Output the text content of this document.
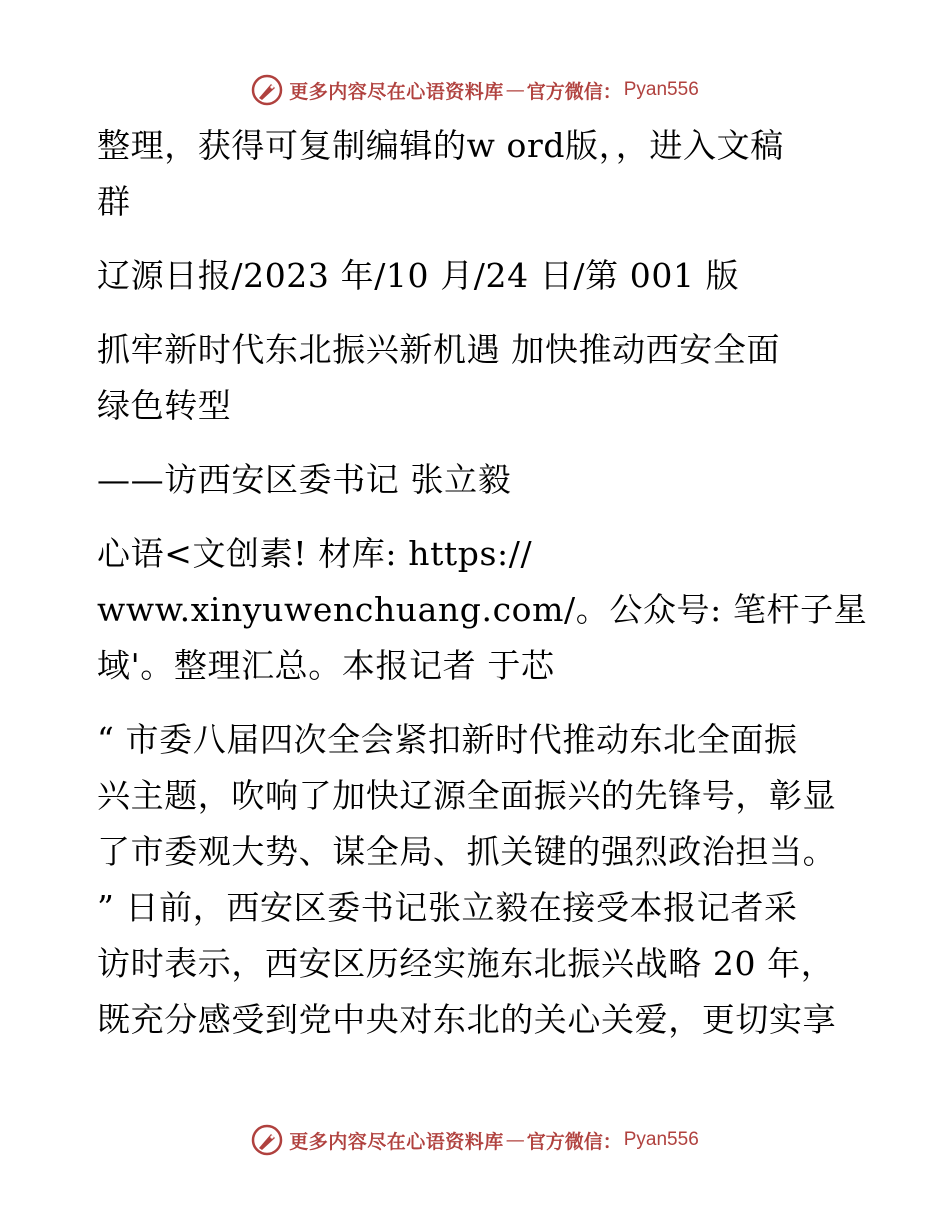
更多内容尽在心语资料库 — 官方微信： Pyan556
整理，获得可复制编辑的w ord版，，进入文稿
群
辽源日报/2023 年/10 月/24 日/第 001 版
抓牢新时代东北振兴新机遇 加快推动西安全面
绿色转型
——访西安区委书记 张立毅
心语<文创素! 材库: https://
www.xinyuwenchuang.com/。公众号: 笔杆子星
域'。整理汇总。本报记者 于芯
“ 市委八届四次全会紧扣新时代推动东北全面振
兴主题，吹响了加快辽源全面振兴的先锋号，彰显
了市委观大势、谋全局、抓关键的强烈政治担当。
” 日前，西安区委书记张立毅在接受本报记者采
访时表示，西安区历经实施东北振兴战略 20 年，
既充分感受到党中央对东北的关心关爱，更切实享
更多内容尽在心语资料库 — 官方微信： Pyan556
